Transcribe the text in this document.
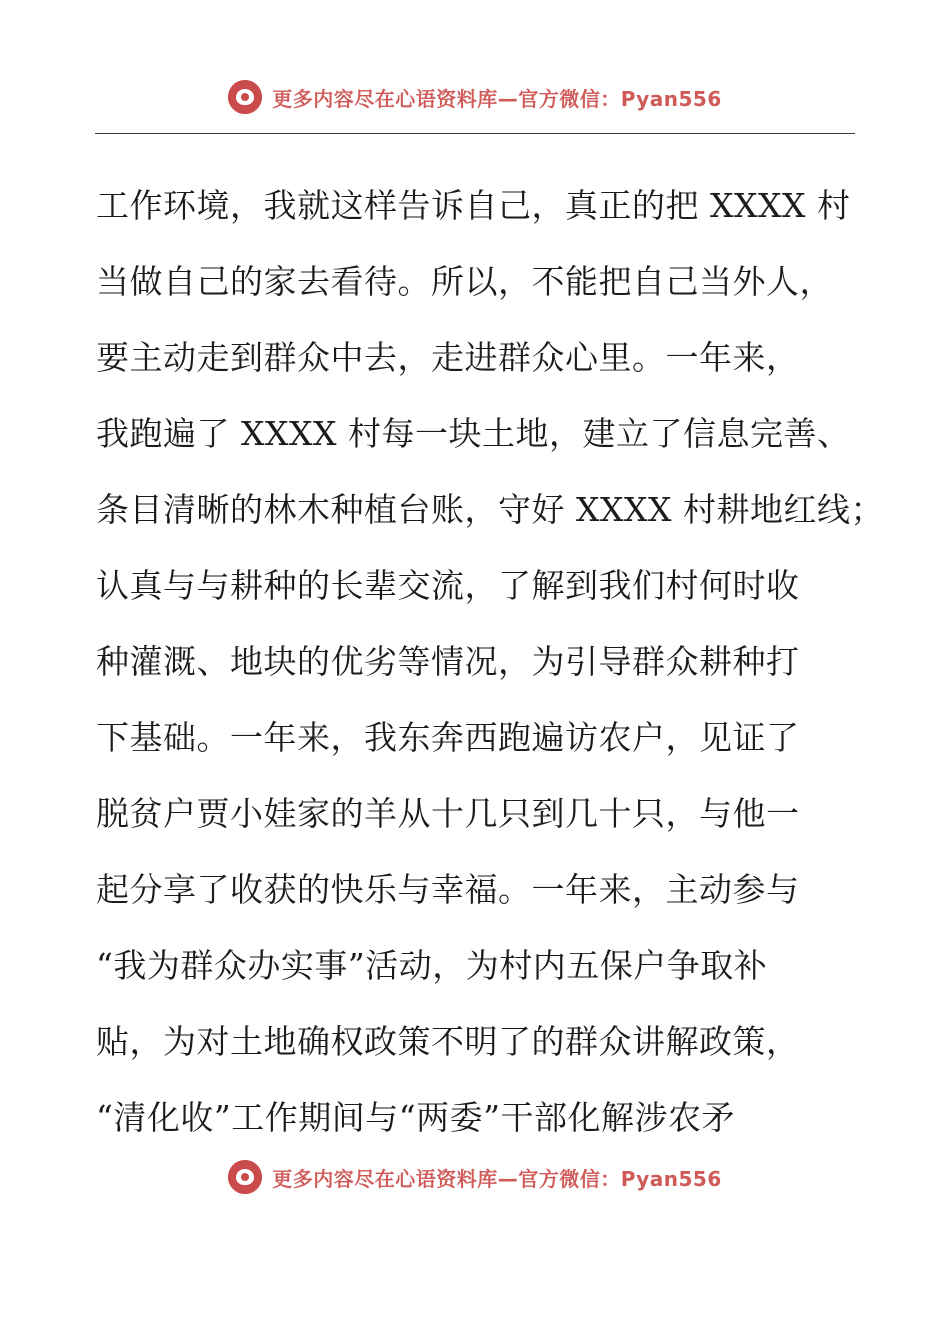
更多内容尽在心语资料库—官方微信：Pyan556
工作环境，我就这样告诉自己，真正的把 XXXX 村
当做自己的家去看待。所以，不能把自己当外人，
要主动走到群众中去，走进群众心里。一年来，
我跑遍了 XXXX 村每一块土地，建立了信息完善、
条目清晰的林木种植台账，守好 XXXX 村耕地红线；
认真与与耕种的长辈交流，了解到我们村何时收
种灌溉、地块的优劣等情况，为引导群众耕种打
下基础。一年来，我东奔西跑遍访农户，见证了
脱贫户贾小娃家的羊从十几只到几十只，与他一
起分享了收获的快乐与幸福。一年来，主动参与
“我为群众办实事”活动，为村内五保户争取补
贴，为对土地确权政策不明了的群众讲解政策，
“清化收”工作期间与“两委”干部化解涉农矛
更多内容尽在心语资料库—官方微信：Pyan556
